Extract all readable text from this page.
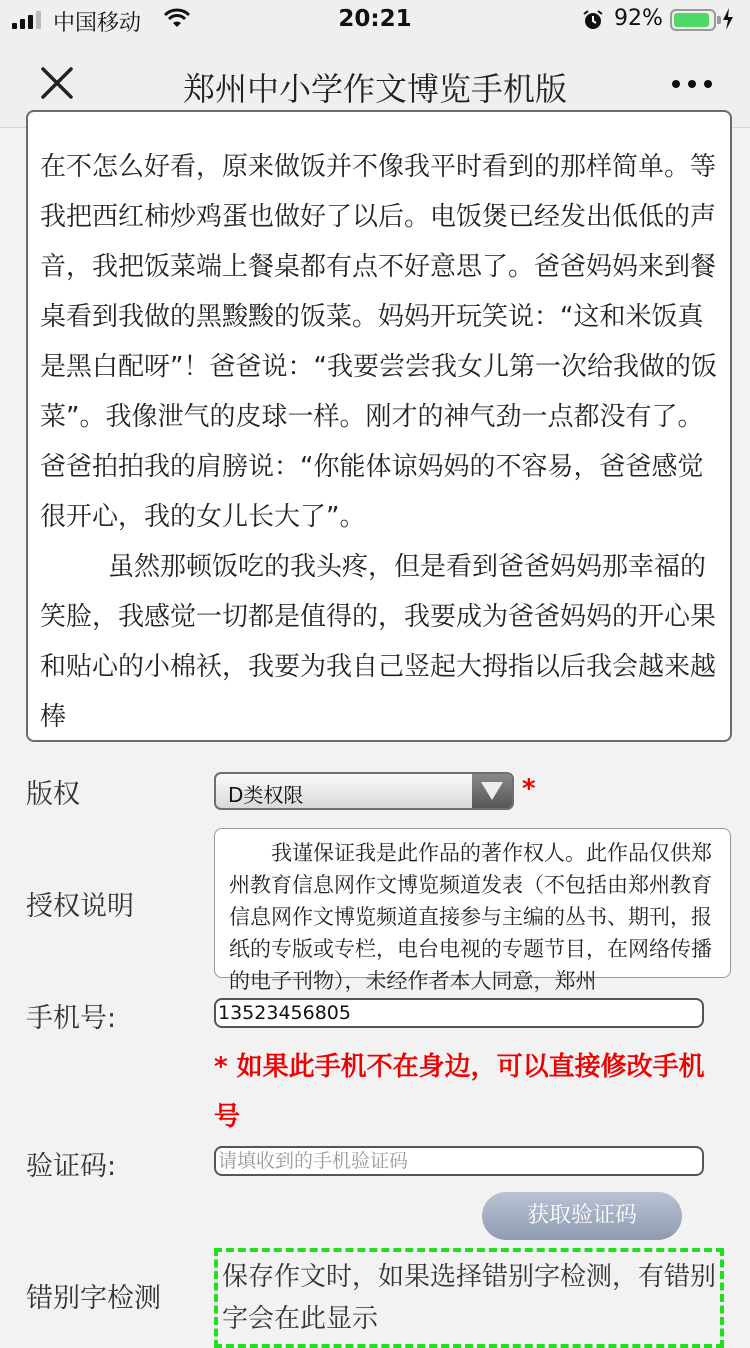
中国移动	20:21	92%
郑州中小学作文博览手机版
在不怎么好看，原来做饭并不像我平时看到的那样简单。等我把西红柿炒鸡蛋也做好了以后。电饭煲已经发出低低的声音，我把饭菜端上餐桌都有点不好意思了。爸爸妈妈来到餐桌看到我做的黑黢黢的饭菜。妈妈开玩笑说：“这和米饭真是黑白配呀”！爸爸说：“我要尝尝我女儿第一次给我做的饭菜”。我像泄气的皮球一样。刚才的神气劲一点都没有了。爸爸拍拍我的肩膀说：“你能体谅妈妈的不容易，爸爸感觉很开心，我的女儿长大了”。
虽然那顿饭吃的我头疼，但是看到爸爸妈妈那幸福的笑脸，我感觉一切都是值得的，我要成为爸爸妈妈的开心果和贴心的小棉袄，我要为我自己竖起大拇指以后我会越来越棒
版权	D类权限	*
授权说明
我谨保证我是此作品的著作权人。此作品仅供郑州教育信息网作文博览频道发表（不包括由郑州教育信息网作文博览频道直接参与主编的丛书、期刊，报纸的专版或专栏，电台电视的专题节目，在网络传播的电子刊物），未经作者本人同意，郑州
手机号:
13523456805
* 如果此手机不在身边，可以直接修改手机号
验证码:
请填收到的手机验证码
获取验证码
错别字检测
保存作文时，如果选择错别字检测，有错别字会在此显示
